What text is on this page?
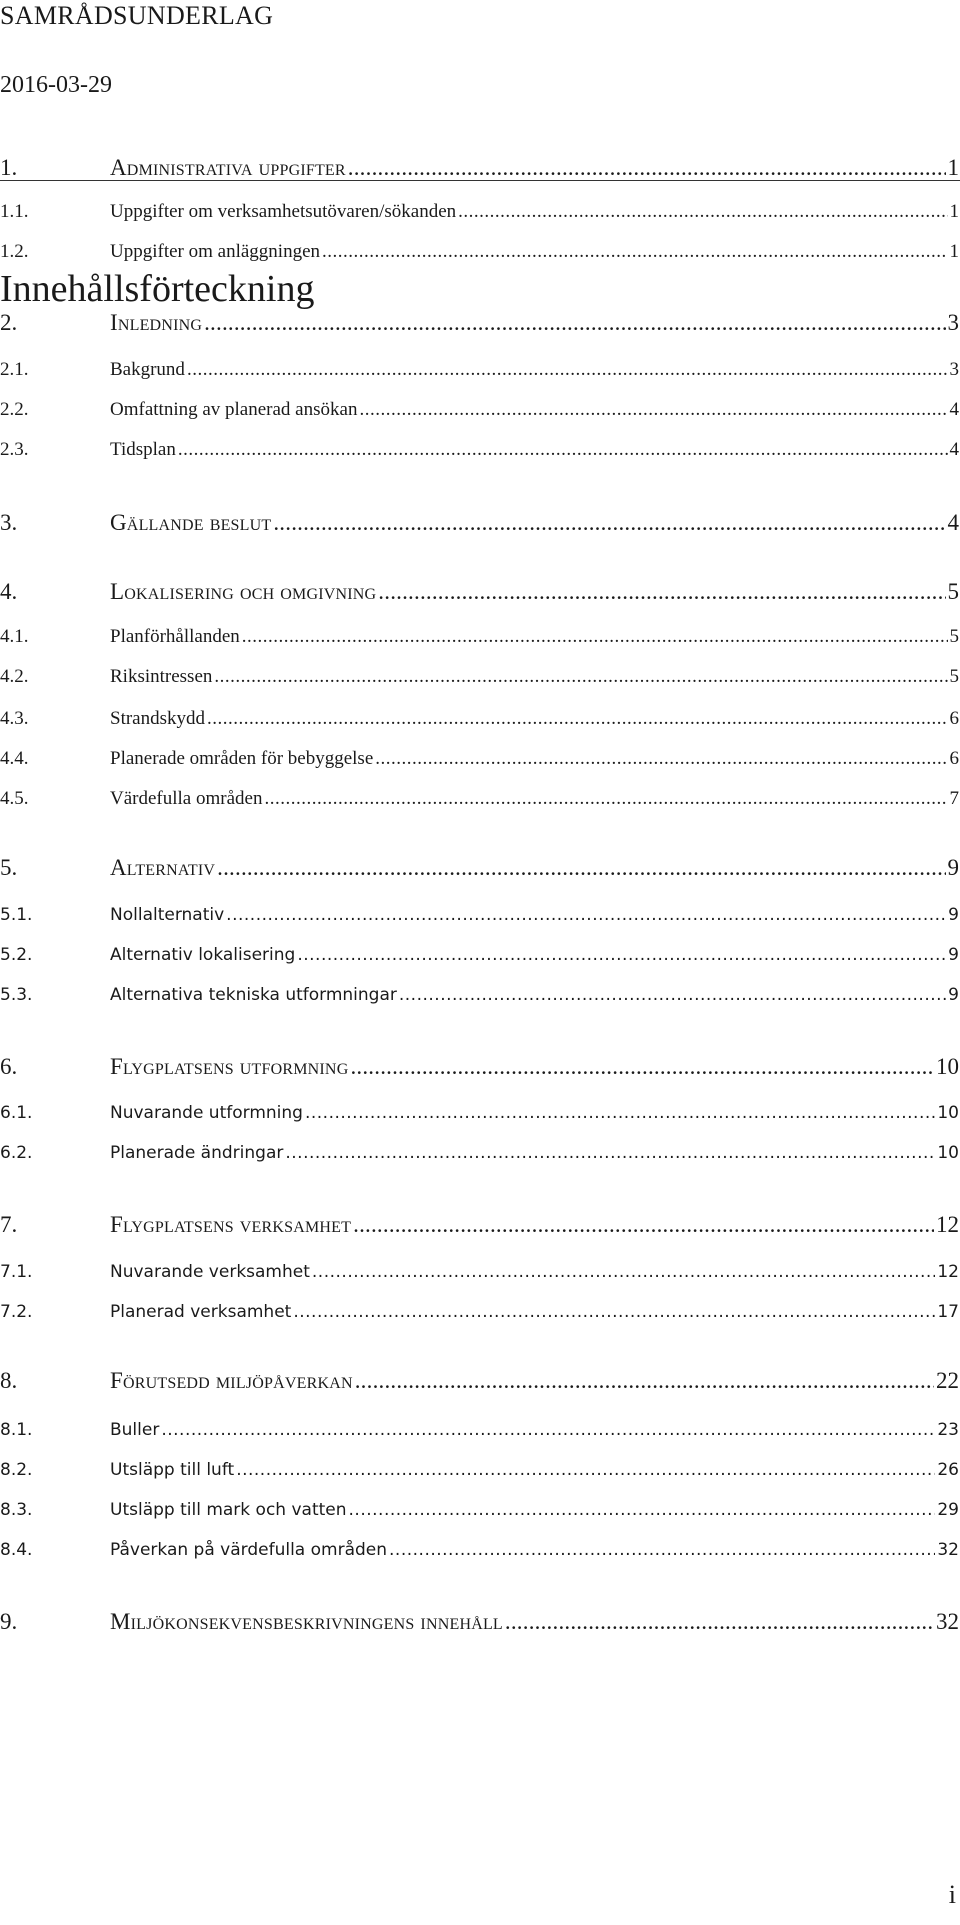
SAMRÅDSUNDERLAG
2016-03-29
Innehållsförteckning
1.	Administrativa uppgifter .....	1
1.1.	Uppgifter om verksamhetsutövaren/sökanden .....	1
1.2.	Uppgifter om anläggningen .....	1
2.	Inledning .....	3
2.1.	Bakgrund .....	3
2.2.	Omfattning av planerad ansökan .....	4
2.3.	Tidsplan .....	4
3.	Gällande beslut .....	4
4.	Lokalisering och omgivning .....	5
4.1.	Planförhållanden .....	5
4.2.	Riksintressen .....	5
4.3.	Strandskydd .....	6
4.4.	Planerade områden för bebyggelse .....	6
4.5.	Värdefulla områden .....	7
5.	Alternativ .....	9
5.1.	Nollalternativ .....	9
5.2.	Alternativ lokalisering .....	9
5.3.	Alternativa tekniska utformningar .....	9
6.	Flygplatsens utformning .....	10
6.1.	Nuvarande utformning .....	10
6.2.	Planerade ändringar .....	10
7.	Flygplatsens verksamhet .....	12
7.1.	Nuvarande verksamhet .....	12
7.2.	Planerad verksamhet .....	17
8.	Förutsedd miljöpåverkan .....	22
8.1.	Buller .....	23
8.2.	Utsläpp till luft .....	26
8.3.	Utsläpp till mark och vatten .....	29
8.4.	Påverkan på värdefulla områden .....	32
9.	Miljökonsekvensbeskrivningens innehåll .....	32
i
